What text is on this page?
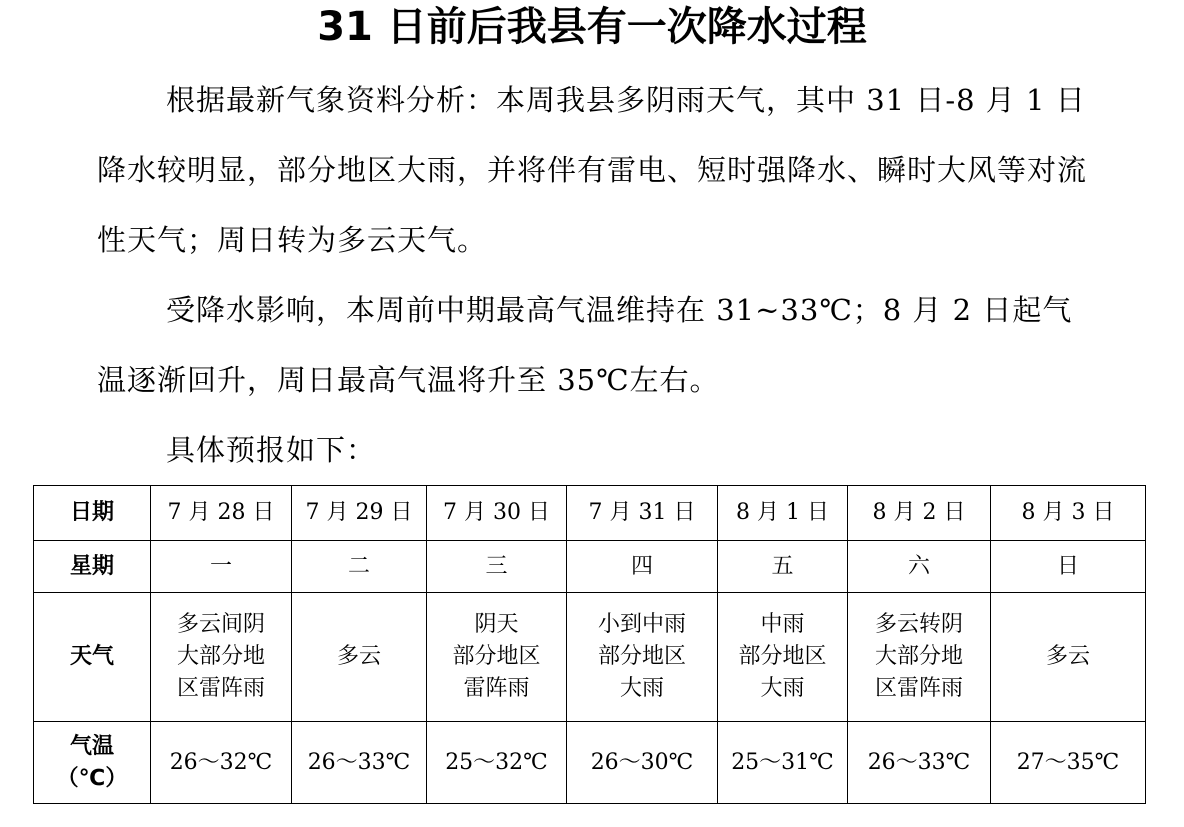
31 日前后我县有一次降水过程
根据最新气象资料分析：本周我县多阴雨天气，其中 31 日-8 月 1 日降水较明显，部分地区大雨，并将伴有雷电、短时强降水、瞬时大风等对流性天气；周日转为多云天气。
受降水影响，本周前中期最高气温维持在 31~33℃；8 月 2 日起气温逐渐回升，周日最高气温将升至 35℃左右。
具体预报如下：
日期	7 月 28 日	7 月 29 日	7 月 30 日	7 月 31 日	8 月 1 日	8 月 2 日	8 月 3 日
星期	一	二	三	四	五	六	日
天气	多云间阴
大部分地
区雷阵雨	多云	阴天
部分地区
雷阵雨	小到中雨
部分地区
大雨	中雨
部分地区
大雨	多云转阴
大部分地
区雷阵雨	多云

气温
（℃）	26～32℃	26～33℃	25～32℃	26～30℃	25～31℃	26～33℃	27～35℃
